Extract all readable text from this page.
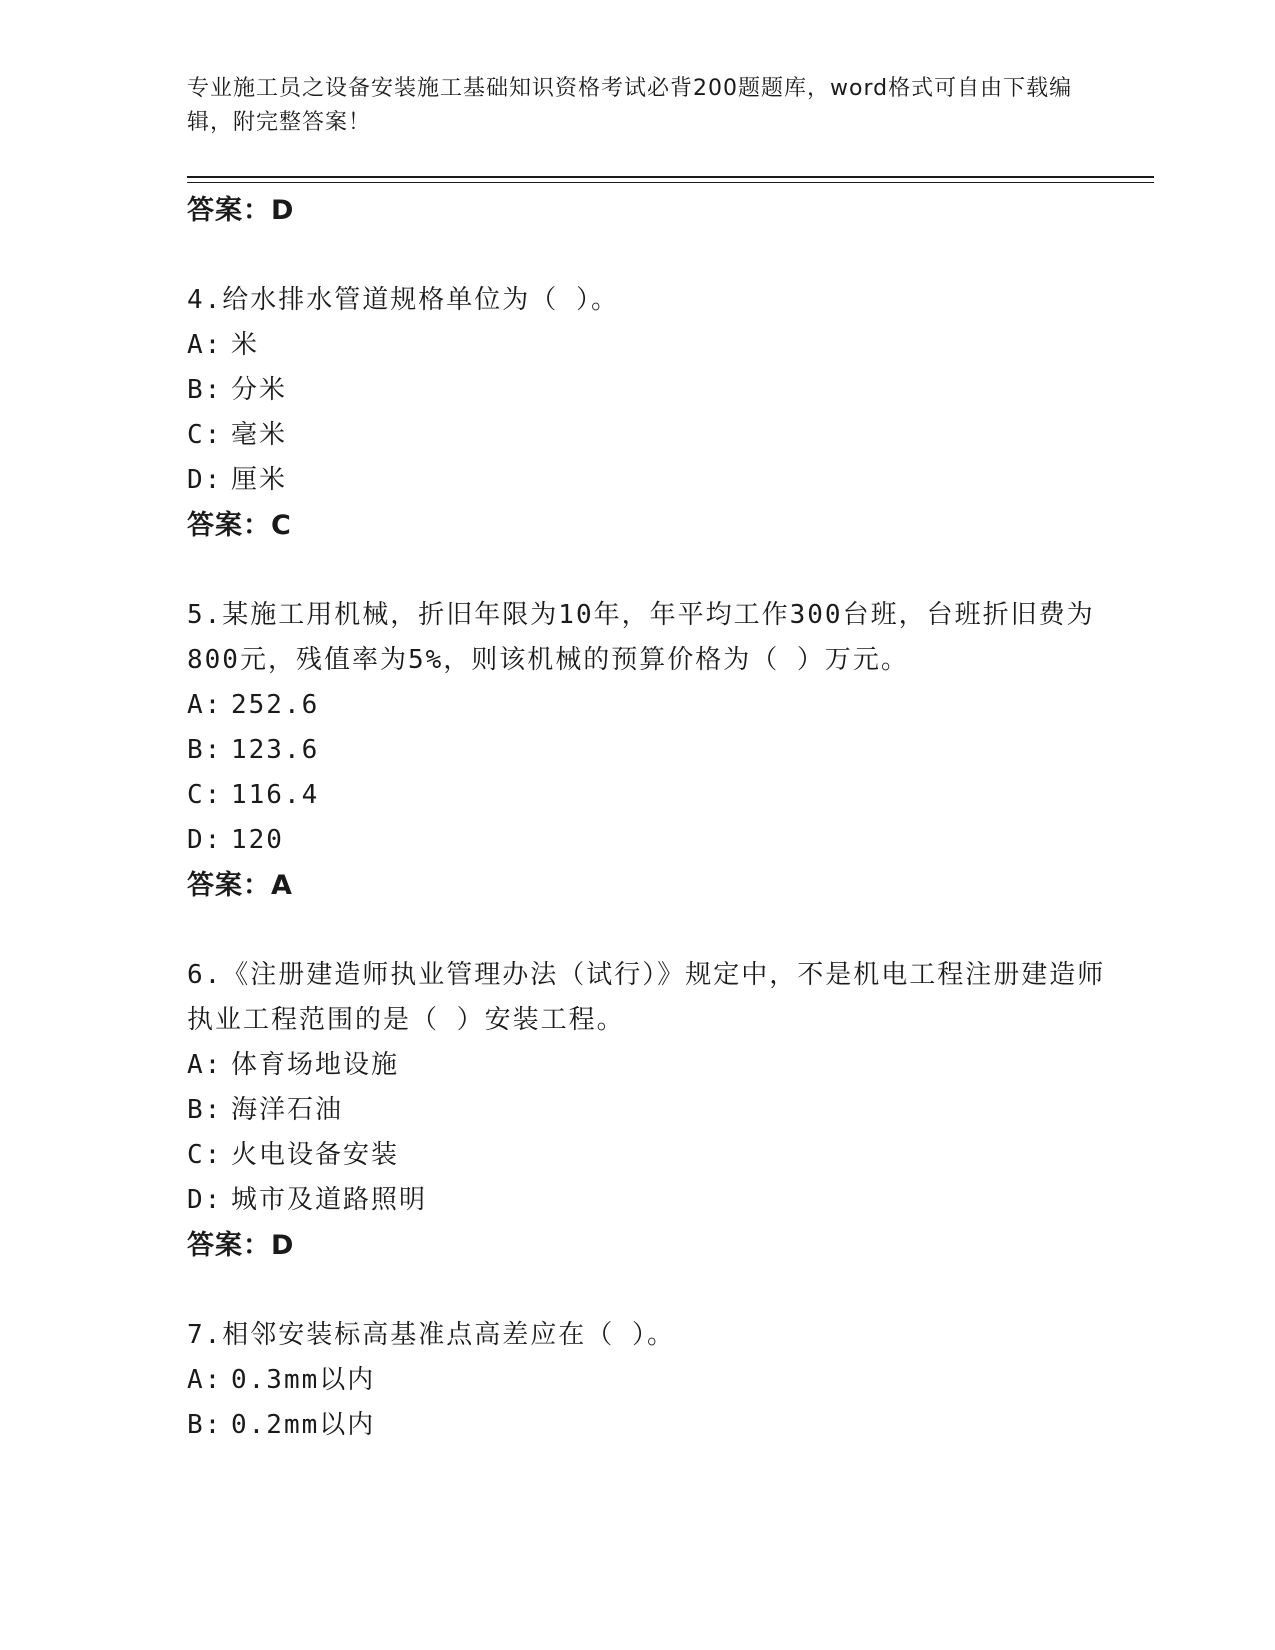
专业施工员之设备安装施工基础知识资格考试必背200题题库，word格式可自由下载编辑，附完整答案！
答案：D
4.给水排水管道规格单位为（ ）。
A: 米
B: 分米
C: 毫米
D: 厘米
答案：C
5.某施工用机械，折旧年限为10年，年平均工作300台班，台班折旧费为800元，残值率为5%，则该机械的预算价格为（ ）万元。
A: 252.6
B: 123.6
C: 116.4
D: 120
答案：A
6.《注册建造师执业管理办法（试行）》规定中，不是机电工程注册建造师执业工程范围的是（ ）安装工程。
A: 体育场地设施
B: 海洋石油
C: 火电设备安装
D: 城市及道路照明
答案：D
7.相邻安装标高基准点高差应在（ ）。
A: 0.3mm以内
B: 0.2mm以内
